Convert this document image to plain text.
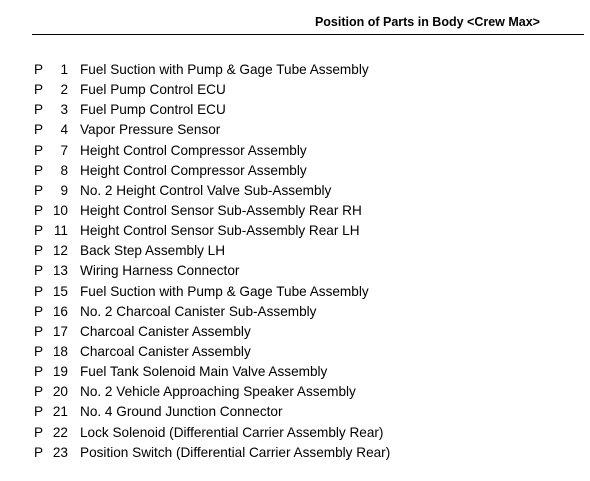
Position of Parts in Body <Crew Max>
P	1 Fuel Suction with Pump & Gage Tube Assembly
P	2 Fuel Pump Control ECU
P	3 Fuel Pump Control ECU
P	4 Vapor Pressure Sensor
P	7 Height Control Compressor Assembly
P	8 Height Control Compressor Assembly
P	9 No. 2 Height Control Valve Sub-Assembly
P 10 Height Control Sensor Sub-Assembly Rear RH
P 11 Height Control Sensor Sub-Assembly Rear LH
P 12 Back Step Assembly LH
P 13 Wiring Harness Connector
P 15 Fuel Suction with Pump & Gage Tube Assembly
P 16 No. 2 Charcoal Canister Sub-Assembly
P 17 Charcoal Canister Assembly
P 18 Charcoal Canister Assembly
P 19 Fuel Tank Solenoid Main Valve Assembly
P 20 No. 2 Vehicle Approaching Speaker Assembly
P 21 No. 4 Ground Junction Connector
P 22 Lock Solenoid (Differential Carrier Assembly Rear)
P 23 Position Switch (Differential Carrier Assembly Rear)
